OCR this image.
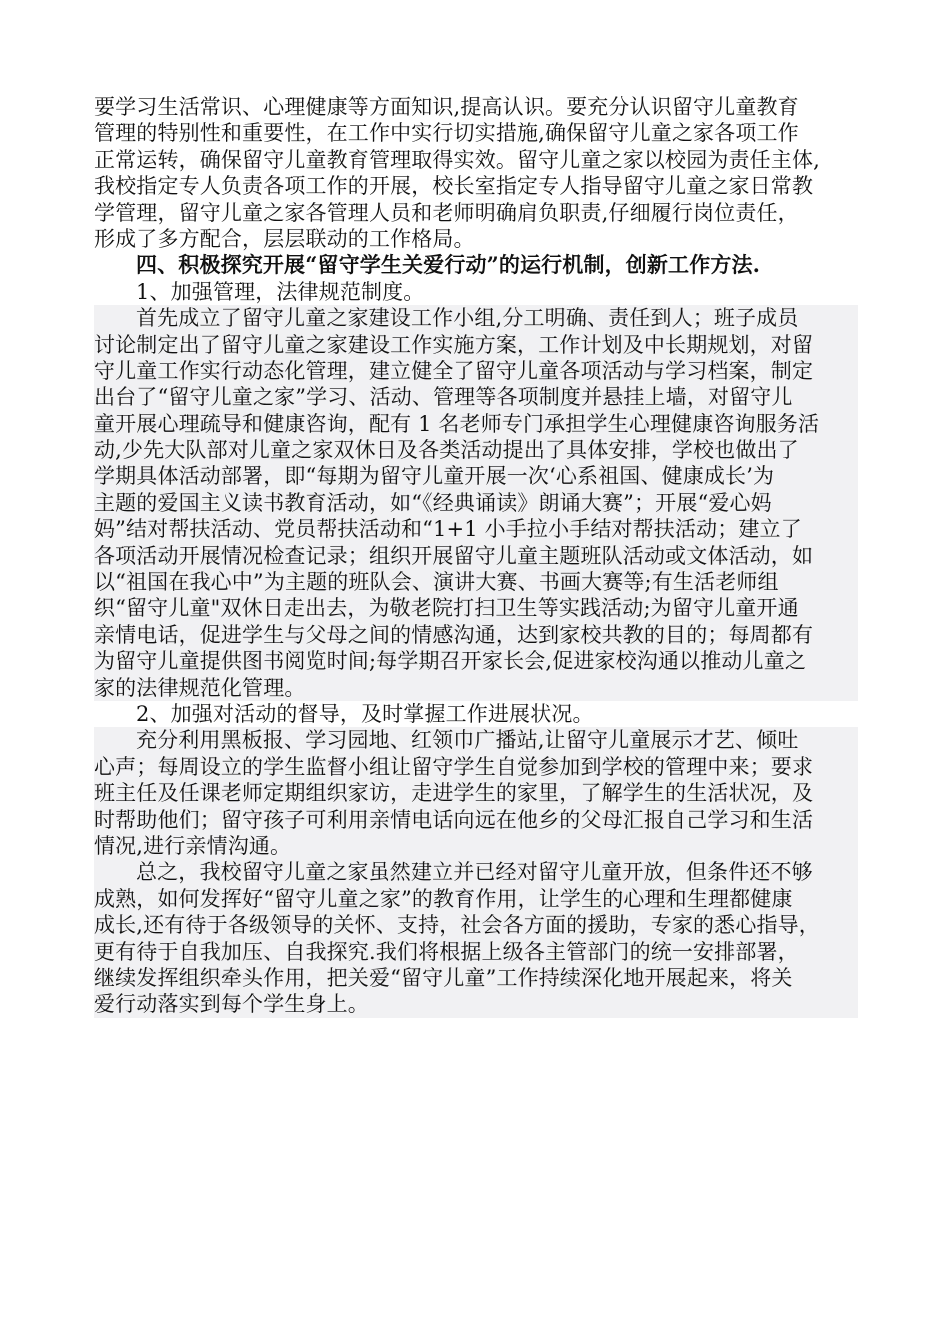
要学习生活常识、心理健康等方面知识,提高认识。要充分认识留守儿童教育
管理的特别性和重要性，在工作中实行切实措施,确保留守儿童之家各项工作
正常运转，确保留守儿童教育管理取得实效。留守儿童之家以校园为责任主体,
我校指定专人负责各项工作的开展，校长室指定专人指导留守儿童之家日常教
学管理，留守儿童之家各管理人员和老师明确肩负职责,仔细履行岗位责任，
形成了多方配合，层层联动的工作格局。
四、积极探究开展“留守学生关爱行动”的运行机制，创新工作方法.
1、加强管理，法律规范制度。
首先成立了留守儿童之家建设工作小组,分工明确、责任到人；班子成员
讨论制定出了留守儿童之家建设工作实施方案，工作计划及中长期规划，对留
守儿童工作实行动态化管理，建立健全了留守儿童各项活动与学习档案，制定
出台了“留守儿童之家”学习、活动、管理等各项制度并悬挂上墙，对留守儿
童开展心理疏导和健康咨询，配有 1 名老师专门承担学生心理健康咨询服务活
动,少先大队部对儿童之家双休日及各类活动提出了具体安排，学校也做出了
学期具体活动部署，即“每期为留守儿童开展一次‘心系祖国、健康成长’为
主题的爱国主义读书教育活动，如“《经典诵读》朗诵大赛”；开展“爱心妈
妈”结对帮扶活动、党员帮扶活动和“1+1 小手拉小手结对帮扶活动；建立了
各项活动开展情况检查记录；组织开展留守儿童主题班队活动或文体活动，如
以“祖国在我心中”为主题的班队会、演讲大赛、书画大赛等;有生活老师组
织“留守儿童"双休日走出去，为敬老院打扫卫生等实践活动;为留守儿童开通
亲情电话，促进学生与父母之间的情感沟通，达到家校共教的目的；每周都有
为留守儿童提供图书阅览时间;每学期召开家长会,促进家校沟通以推动儿童之
家的法律规范化管理。
2、加强对活动的督导，及时掌握工作进展状况。
充分利用黑板报、学习园地、红领巾广播站,让留守儿童展示才艺、倾吐
心声；每周设立的学生监督小组让留守学生自觉参加到学校的管理中来；要求
班主任及任课老师定期组织家访，走进学生的家里，了解学生的生活状况，及
时帮助他们；留守孩子可利用亲情电话向远在他乡的父母汇报自己学习和生活
情况,进行亲情沟通。
总之，我校留守儿童之家虽然建立并已经对留守儿童开放，但条件还不够
成熟，如何发挥好“留守儿童之家”的教育作用，让学生的心理和生理都健康
成长,还有待于各级领导的关怀、支持，社会各方面的援助，专家的悉心指导，
更有待于自我加压、自我探究.我们将根据上级各主管部门的统一安排部署，
继续发挥组织牵头作用，把关爱“留守儿童”工作持续深化地开展起来，将关
爱行动落实到每个学生身上。
